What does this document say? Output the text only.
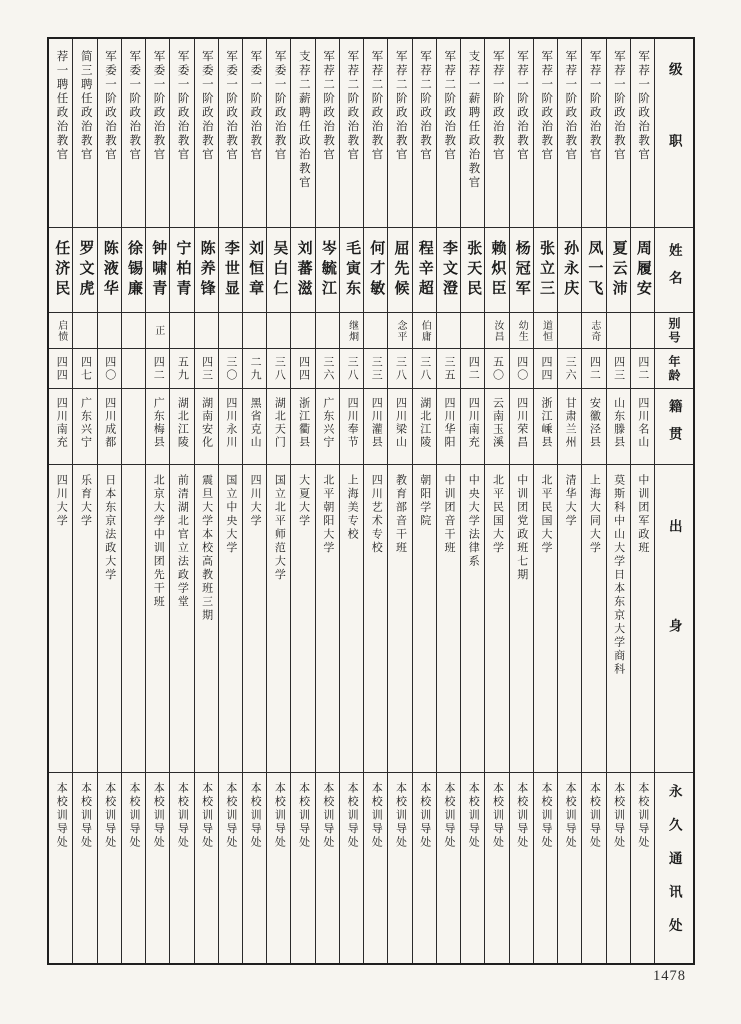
军荐一阶政治教官
周履安
四二
四川名山
中训团军政班
本校训导处
军荐一阶政治教官
夏云沛
四三
山东滕县
莫斯科中山大学日本东京大学商科
本校训导处
军荐一阶政治教官
凤一飞
志奇
四二
安徽泾县
上海大同大学
本校训导处
军荐一阶政治教官
孙永庆
三六
甘肃兰州
清华大学
本校训导处
军荐一阶政治教官
张立三
道恒
四四
浙江嵊县
北平民国大学
本校训导处
军荐一阶政治教官
杨冠军
幼生
四〇
四川荣昌
中训团党政班七期
本校训导处
军荐一阶政治教官
赖炽臣
汝昌
五〇
云南玉溪
北平民国大学
本校训导处
支荐一薪聘任政治教官
张天民
四二
四川南充
中央大学法律系
本校训导处
军荐二阶政治教官
李文澄
三五
四川华阳
中训团音干班
本校训导处
军荐二阶政治教官
程辛超
伯庸
三八
湖北江陵
朝阳学院
本校训导处
军荐二阶政治教官
屈先候
念平
三八
四川梁山
教育部音干班
本校训导处
军荐二阶政治教官
何才敏
三三
四川灌县
四川艺术专校
本校训导处
军荐二阶政治教官
毛寅东
继烱
三八
四川奉节
上海美专校
本校训导处
军荐二阶政治教官
岑毓江
三六
广东兴宁
北平朝阳大学
本校训导处
支荐二薪聘任政治教官
刘蕃滋
四四
浙江衢县
大夏大学
本校训导处
军委一阶政治教官
吴白仁
三八
湖北天门
国立北平师范大学
本校训导处
军委一阶政治教官
刘恒章
二九
黑省克山
四川大学
本校训导处
军委一阶政治教官
李世显
三〇
四川永川
国立中央大学
本校训导处
军委一阶政治教官
陈养锋
四三
湖南安化
震旦大学本校高教班三期
本校训导处
军委一阶政治教官
宁柏青
五九
湖北江陵
前清湖北官立法政学堂
本校训导处
军委一阶政治教官
钟啸青
正
四二
广东梅县
北京大学中训团先干班
本校训导处
军委一阶政治教官
徐锡廉
本校训导处
军委一阶政治教官
陈液华
四〇
四川成都
日本东京法政大学
本校训导处
简三聘任政治教官
罗文虎
四七
广东兴宁
乐育大学
本校训导处
荐一聘任政治教官
任济民
启愤
四四
四川南充
四川大学
本校训导处
级职
姓名
别号
年龄
籍贯
出身
永久通讯处
1478
